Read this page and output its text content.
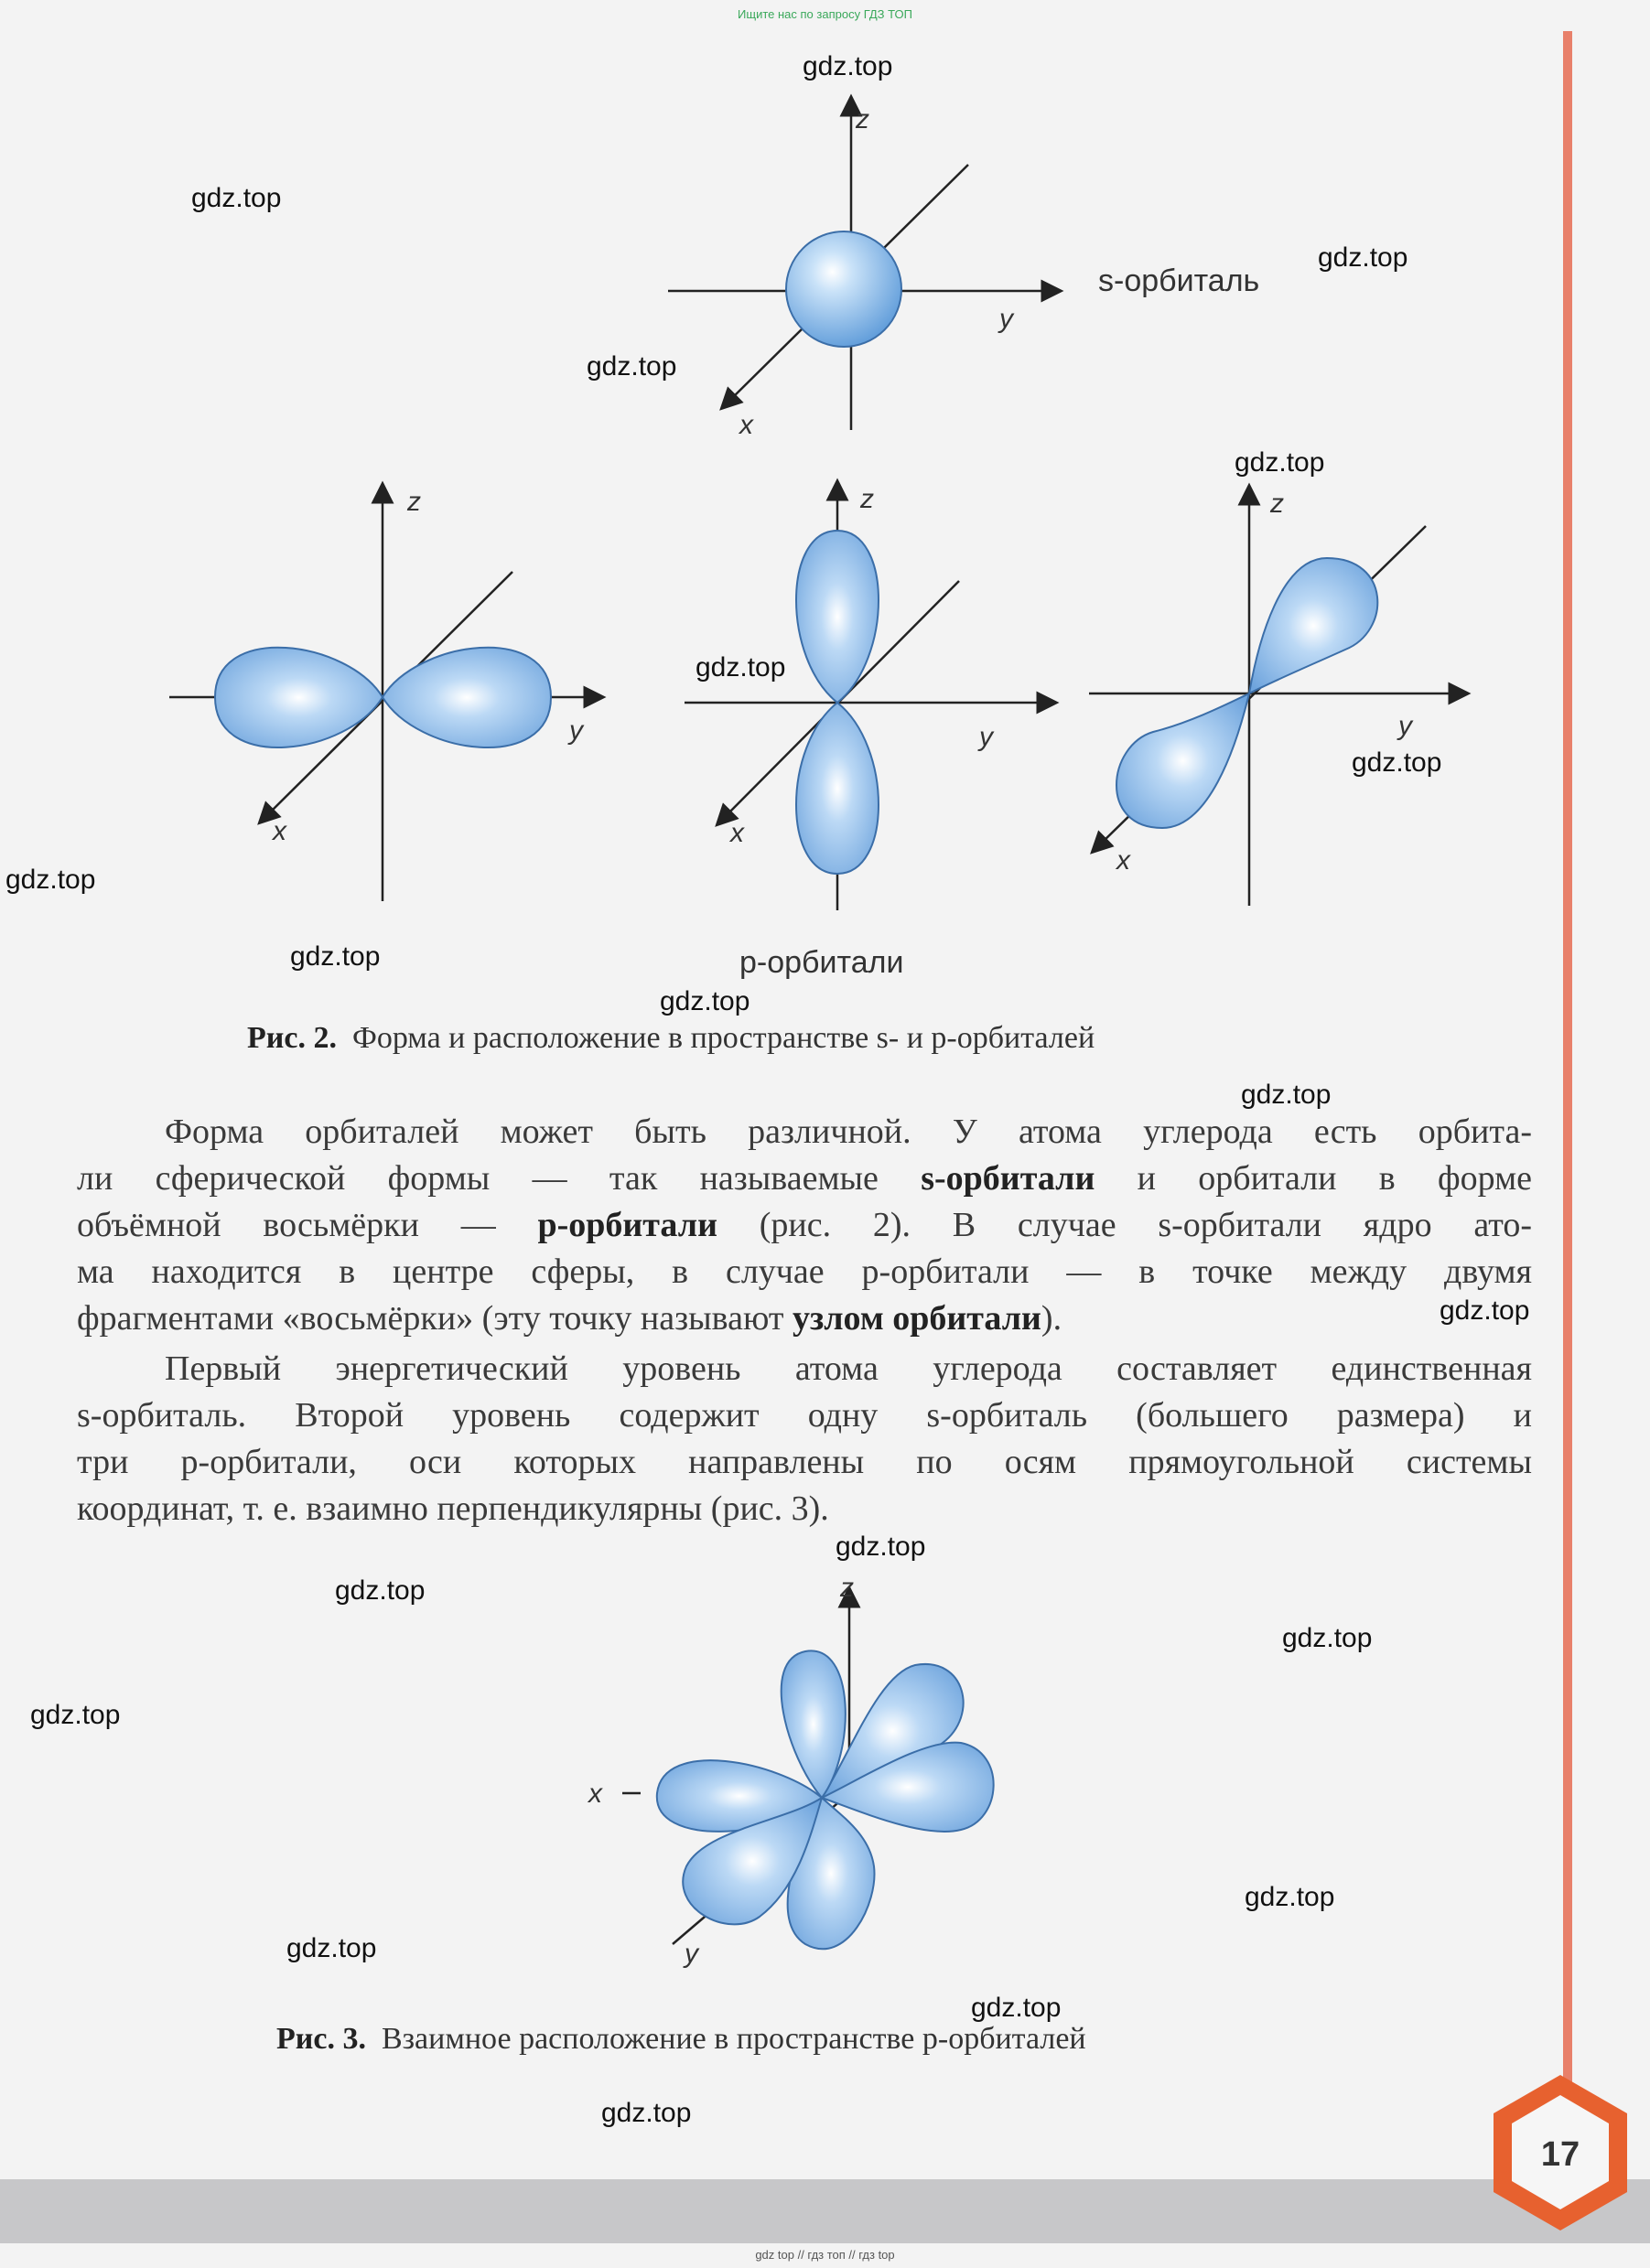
Ищите нас по запросу ГДЗ ТОП
gdz top // гдз топ // гдз top
z
y
x
s-орбиталь
z
y
x
z
y
x
p-орбитали
z
y
x
Рис. 2. Форма и расположение в пространстве s- и p-орбиталей
Форма орбиталей может быть различной. У атома углерода есть орбита-
ли сферической формы — так называемые s-орбитали и орбитали в форме
объёмной восьмёрки — p-орбитали (рис. 2). В случае s-орбитали ядро ато-
ма находится в центре сферы, в случае p-орбитали — в точке между двумя
фрагментами «восьмёрки» (эту точку называют узлом орбитали).
Первый энергетический уровень атома углерода составляет единственная
s-орбиталь. Второй уровень содержит одну s-орбиталь (большего размера) и
три p-орбитали, оси которых направлены по осям прямоугольной системы
координат, т. е. взаимно перпендикулярны (рис. 3).
z
x
y
Рис. 3. Взаимное расположение в пространстве p-орбиталей
17
gdz.top
gdz.top
gdz.top
gdz.top
gdz.top
gdz.top
gdz.top
gdz.top
gdz.top
gdz.top
gdz.top
gdz.top
gdz.top
gdz.top
gdz.top
gdz.top
gdz.top
gdz.top
gdz.top
gdz.top
